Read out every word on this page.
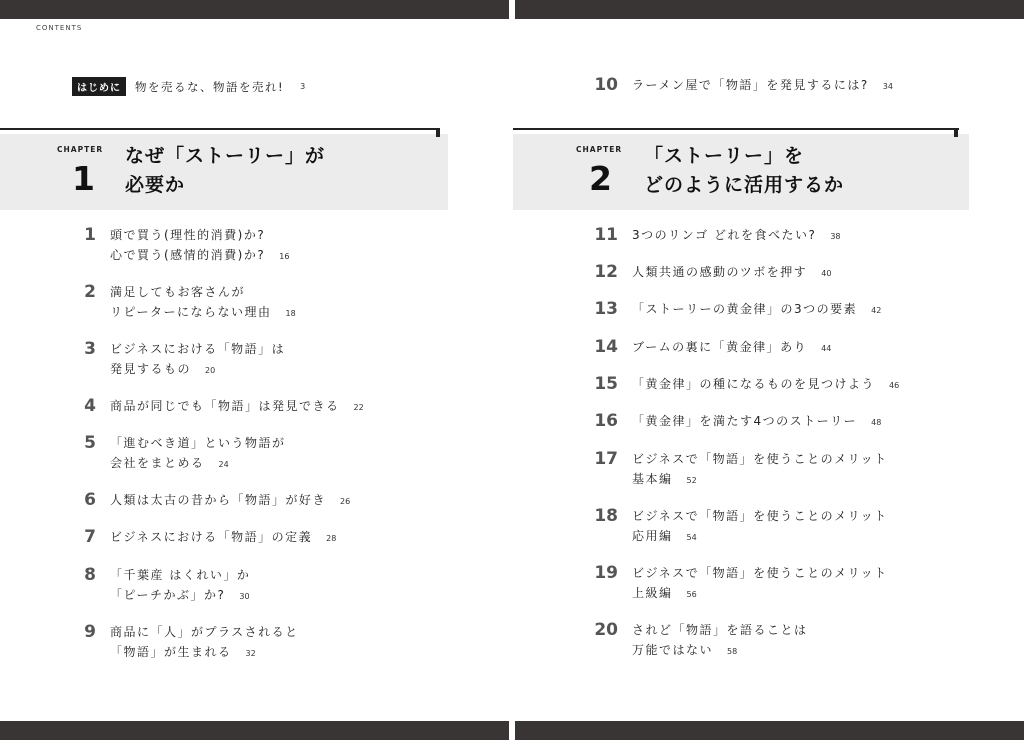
CONTENTS
はじめに	物を売るな、物語を売れ! 3
CHAPTER
1
なぜ「ストーリー」が
必要か
1 頭で買う(理性的消費)か?
心で買う(感情的消費)か? 16
2 満足してもお客さんが
リピーターにならない理由 18
3 ビジネスにおける「物語」は
発見するもの 20
4 商品が同じでも「物語」は発見できる 22
5 「進むべき道」という物語が
会社をまとめる 24
6 人類は太古の昔から「物語」が好き 26
7 ビジネスにおける「物語」の定義 28
8 「千葉産 はくれい」か
「ピーチかぶ」か? 30
9 商品に「人」がプラスされると
「物語」が生まれる 32
10 ラーメン屋で「物語」を発見するには? 34
CHAPTER
2
「ストーリー」を
どのように活用するか
11 3つのリンゴ どれを食べたい? 38
12 人類共通の感動のツボを押す 40
13 「ストーリーの黄金律」の3つの要素 42
14 ブームの裏に「黄金律」あり 44
15 「黄金律」の種になるものを見つけよう 46
16 「黄金律」を満たす4つのストーリー 48
17 ビジネスで「物語」を使うことのメリット
基本編 52
18 ビジネスで「物語」を使うことのメリット
応用編 54
19 ビジネスで「物語」を使うことのメリット
上級編 56
20 されど「物語」を語ることは
万能ではない 58
